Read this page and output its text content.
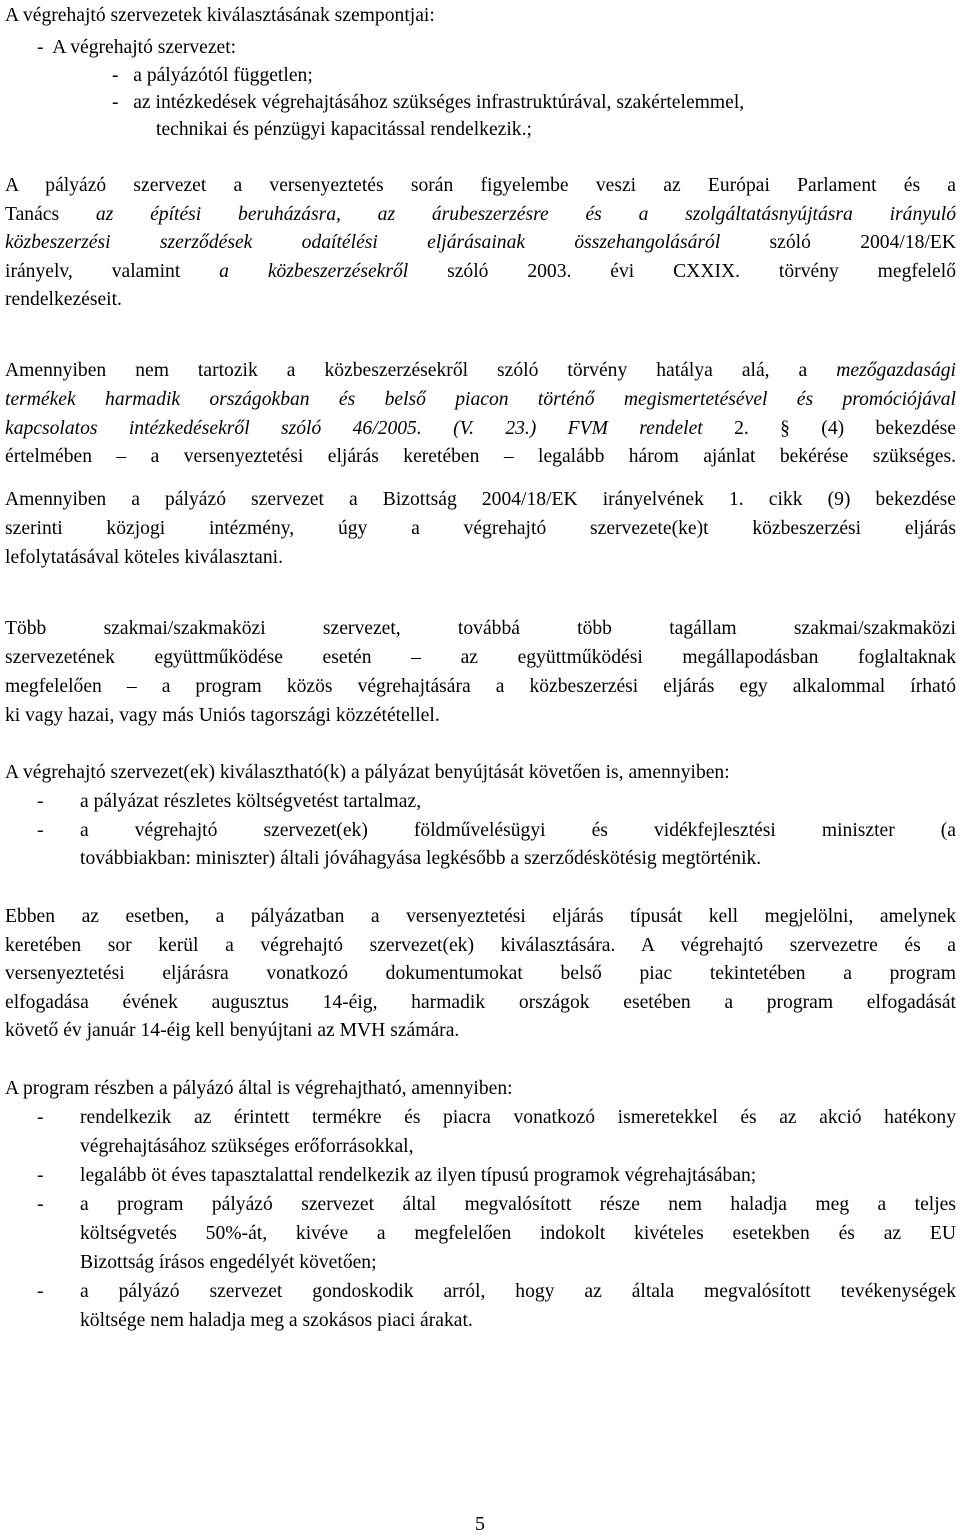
A végrehajtó szervezetek kiválasztásának szempontjai:
-  A végrehajtó szervezet:
-   a pályázótól független;
-   az intézkedések végrehajtásához szükséges infrastruktúrával, szakértelemmel,
technikai és pénzügyi kapacitással rendelkezik.;
A pályázó szervezet a versenyeztetés során figyelembe veszi az Európai Parlament és a
Tanács az építési beruházásra, az árubeszerzésre és a szolgáltatásnyújtásra irányuló
közbeszerzési szerződések odaítélési eljárásainak összehangolásáról szóló 2004/18/EK
irányelv, valamint a közbeszerzésekről szóló 2003. évi CXXIX. törvény megfelelő
rendelkezéseit.
Amennyiben nem tartozik a közbeszerzésekről szóló törvény hatálya alá, a mezőgazdasági
termékek harmadik országokban és belső piacon történő megismertetésével és promóciójával
kapcsolatos intézkedésekről szóló 46/2005. (V. 23.) FVM rendelet 2. § (4) bekezdése
értelmében – a versenyeztetési eljárás keretében – legalább három ajánlat bekérése szükséges.
Amennyiben a pályázó szervezet a Bizottság 2004/18/EK irányelvének 1. cikk (9) bekezdése
szerinti közjogi intézmény, úgy a végrehajtó szervezete(ke)t közbeszerzési eljárás
lefolytatásával köteles kiválasztani.
Több szakmai/szakmaközi szervezet, továbbá több tagállam szakmai/szakmaközi
szervezetének együttműködése esetén – az együttműködési megállapodásban foglaltaknak
megfelelően – a program közös végrehajtására a közbeszerzési eljárás egy alkalommal írható
ki vagy hazai, vagy más Uniós tagországi közzététellel.
A végrehajtó szervezet(ek) kiválasztható(k) a pályázat benyújtását követően is, amennyiben:
- a pályázat részletes költségvetést tartalmaz,
- a végrehajtó szervezet(ek) földművelésügyi és vidékfejlesztési miniszter (a
továbbiakban: miniszter) általi jóváhagyása legkésőbb a szerződéskötésig megtörténik.
Ebben az esetben, a pályázatban a versenyeztetési eljárás típusát kell megjelölni, amelynek
keretében sor kerül a végrehajtó szervezet(ek) kiválasztására. A végrehajtó szervezetre és a
versenyeztetési eljárásra vonatkozó dokumentumokat belső piac tekintetében a program
elfogadása évének augusztus 14-éig, harmadik országok esetében a program elfogadását
követő év január 14-éig kell benyújtani az MVH számára.
A program részben a pályázó által is végrehajtható, amennyiben:
- rendelkezik az érintett termékre és piacra vonatkozó ismeretekkel és az akció hatékony
végrehajtásához szükséges erőforrásokkal,
- legalább öt éves tapasztalattal rendelkezik az ilyen típusú programok végrehajtásában;
- a program pályázó szervezet által megvalósított része nem haladja meg a teljes
költségvetés 50%-át, kivéve a megfelelően indokolt kivételes esetekben és az EU
Bizottság írásos engedélyét követően;
- a pályázó szervezet gondoskodik arról, hogy az általa megvalósított tevékenységek
költsége nem haladja meg a szokásos piaci árakat.
5
